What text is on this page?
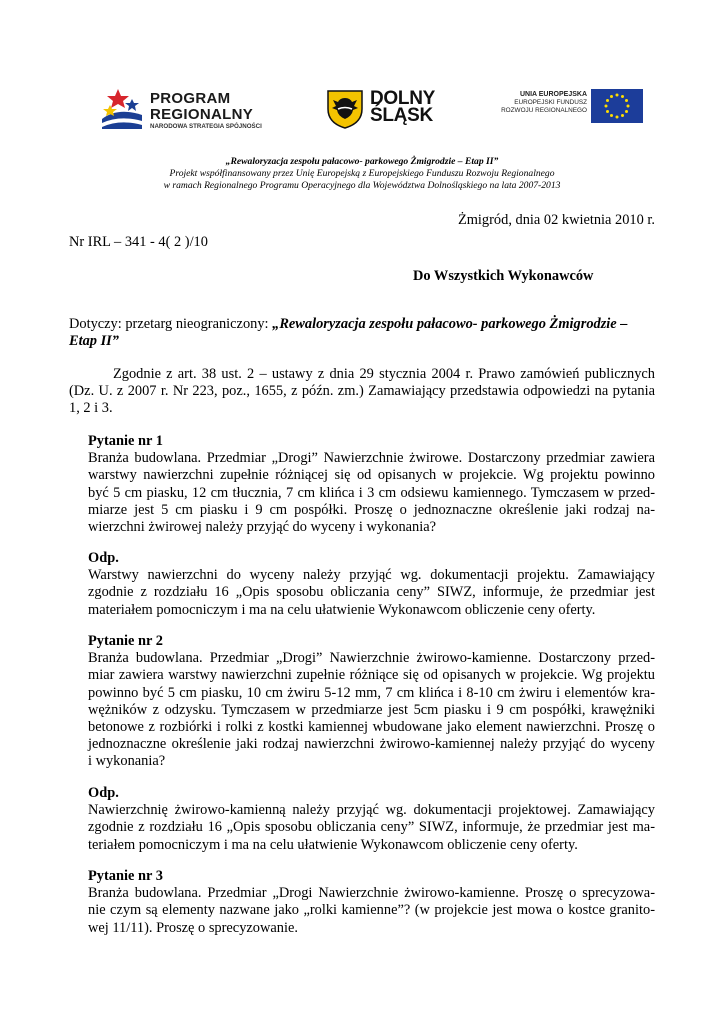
PROGRAM
REGIONALNY
NARODOWA STRATEGIA SPÓJNOŚCI
DOLNY
ŚLĄSK
UNIA EUROPEJSKA
EUROPEJSKI FUNDUSZ
ROZWOJU REGIONALNEGO
„Rewaloryzacja zespołu pałacowo- parkowego Żmigrodzie – Etap II”
Projekt współfinansowany przez Unię Europejską z Europejskiego Funduszu Rozwoju Regionalnego
w ramach Regionalnego Programu Operacyjnego dla Województwa Dolnośląskiego na lata 2007-2013
Żmigród, dnia 02 kwietnia 2010 r.
Nr IRL – 341 - 4( 2 )/10
Do Wszystkich Wykonawców
Dotyczy: przetarg nieograniczony: „Rewaloryzacja zespołu pałacowo- parkowego Żmigrodzie –
Etap II”
Zgodnie z art. 38 ust. 2 – ustawy z dnia 29 stycznia 2004 r. Prawo zamówień publicznych
(Dz. U. z 2007 r. Nr 223, poz., 1655, z późn. zm.) Zamawiający przedstawia odpowiedzi na pytania
1, 2 i 3.
Pytanie nr 1
Branża budowlana. Przedmiar „Drogi” Nawierzchnie żwirowe. Dostarczony przedmiar zawiera
warstwy nawierzchni zupełnie różniącej się od opisanych w projekcie. Wg projektu powinno
być 5 cm piasku, 12 cm tłucznia, 7 cm klińca i 3 cm odsiewu kamiennego. Tymczasem w przed-
miarze jest 5 cm piasku i 9 cm pospółki. Proszę o jednoznaczne określenie jaki rodzaj na-
wierzchni żwirowej należy przyjąć do wyceny i wykonania?
Odp.
Warstwy nawierzchni do wyceny należy przyjąć wg. dokumentacji projektu. Zamawiający
zgodnie z rozdziału 16 „Opis sposobu obliczania ceny” SIWZ, informuje, że przedmiar jest
materiałem pomocniczym i ma na celu ułatwienie Wykonawcom obliczenie ceny oferty.
Pytanie nr 2
Branża budowlana. Przedmiar „Drogi” Nawierzchnie żwirowo-kamienne. Dostarczony przed-
miar zawiera warstwy nawierzchni zupełnie różniące się od opisanych w projekcie. Wg projektu
powinno być 5 cm piasku, 10 cm żwiru 5-12 mm, 7 cm klińca i 8-10 cm żwiru i elementów kra-
wężników z odzysku. Tymczasem w przedmiarze jest 5cm piasku i 9 cm pospółki, krawężniki
betonowe z rozbiórki i rolki z kostki kamiennej wbudowane jako element nawierzchni. Proszę o
jednoznaczne określenie jaki rodzaj nawierzchni żwirowo-kamiennej należy przyjąć do wyceny
i wykonania?
Odp.
Nawierzchnię żwirowo-kamienną należy przyjąć wg. dokumentacji projektowej. Zamawiający
zgodnie z rozdziału 16 „Opis sposobu obliczania ceny” SIWZ, informuje, że przedmiar jest ma-
teriałem pomocniczym i ma na celu ułatwienie Wykonawcom obliczenie ceny oferty.
Pytanie nr 3
Branża budowlana. Przedmiar „Drogi Nawierzchnie żwirowo-kamienne. Proszę o sprecyzowa-
nie czym są elementy nazwane jako „rolki kamienne”? (w projekcie jest mowa o kostce granito-
wej 11/11). Proszę o sprecyzowanie.
